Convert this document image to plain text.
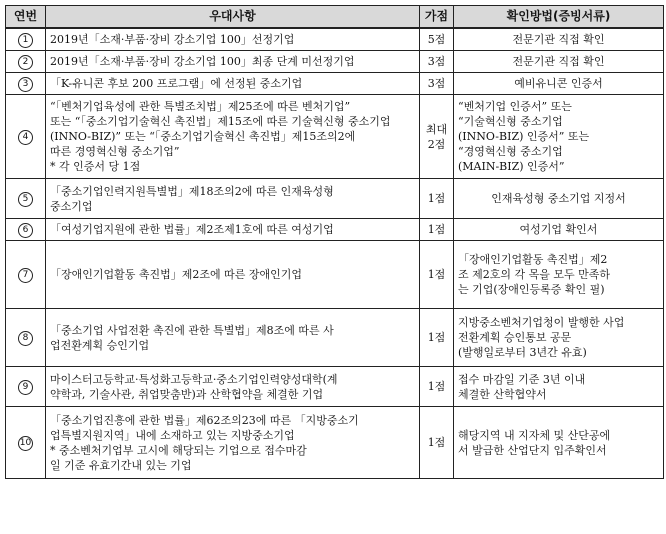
연번	우대사항	가점	확인방법(증빙서류)
1	2019년「소재·부품·장비 강소기업 100」선정기업	5점	전문기관 직접 확인

2	2019년「소재·부품·장비 강소기업 100」최종 단계 미선정기업	3점	전문기관 직접 확인

3	「K-유니콘 후보 200 프로그램」에 선정된 중소기업	3점	예비유니콘 인증서

4	“「벤처기업육성에 관한 특별조치법」제25조에 따른 벤처기업”
또는 “「중소기업기술혁신 촉진법」제15조에 따른 기술혁신형 중소기업
(INNO-BIZ)” 또는 “「중소기업기술혁신 촉진법」제15조의2에
따른 경영혁신형 중소기업”
* 각 인증서 당 1점	최대
2점	“벤처기업 인증서” 또는
“기술혁신형 중소기업
(INNO-BIZ) 인증서” 또는
“경영혁신형 중소기업
(MAIN-BIZ) 인증서”

5	「중소기업인력지원특별법」제18조의2에 따른 인재육성형
중소기업	1점	인재육성형 중소기업 지정서

6	「여성기업지원에 관한 법률」제2조제1호에 따른 여성기업	1점	여성기업 확인서

7	「장애인기업활동 촉진법」제2조에 따른 장애인기업	1점	「장애인기업활동 촉진법」제2
조 제2호의 각 목을 모두 만족하
는 기업(장애인등록증 확인 필)

8	「중소기업 사업전환 촉진에 관한 특별법」제8조에 따른 사
업전환계획 승인기업	1점	지방중소벤처기업청이 발행한 사업
전환계획 승인통보 공문
(발행일로부터 3년간 유효)

9	마이스터고등학교·특성화고등학교·중소기업인력양성대학(계
약학과, 기술사관, 취업맞춤반)과 산학협약을 체결한 기업	1점	접수 마감일 기준 3년 이내
체결한 산학협약서

10	「중소기업진흥에 관한 법률」제62조의23에 따른 「지방중소기
업특별지원지역」내에 소재하고 있는 지방중소기업
* 중소벤처기업부 고시에 해당되는 기업으로 접수마감
일 기준 유효기간내 있는 기업	1점	해당지역 내 지자체 및 산단공에
서 발급한 산업단지 입주확인서
